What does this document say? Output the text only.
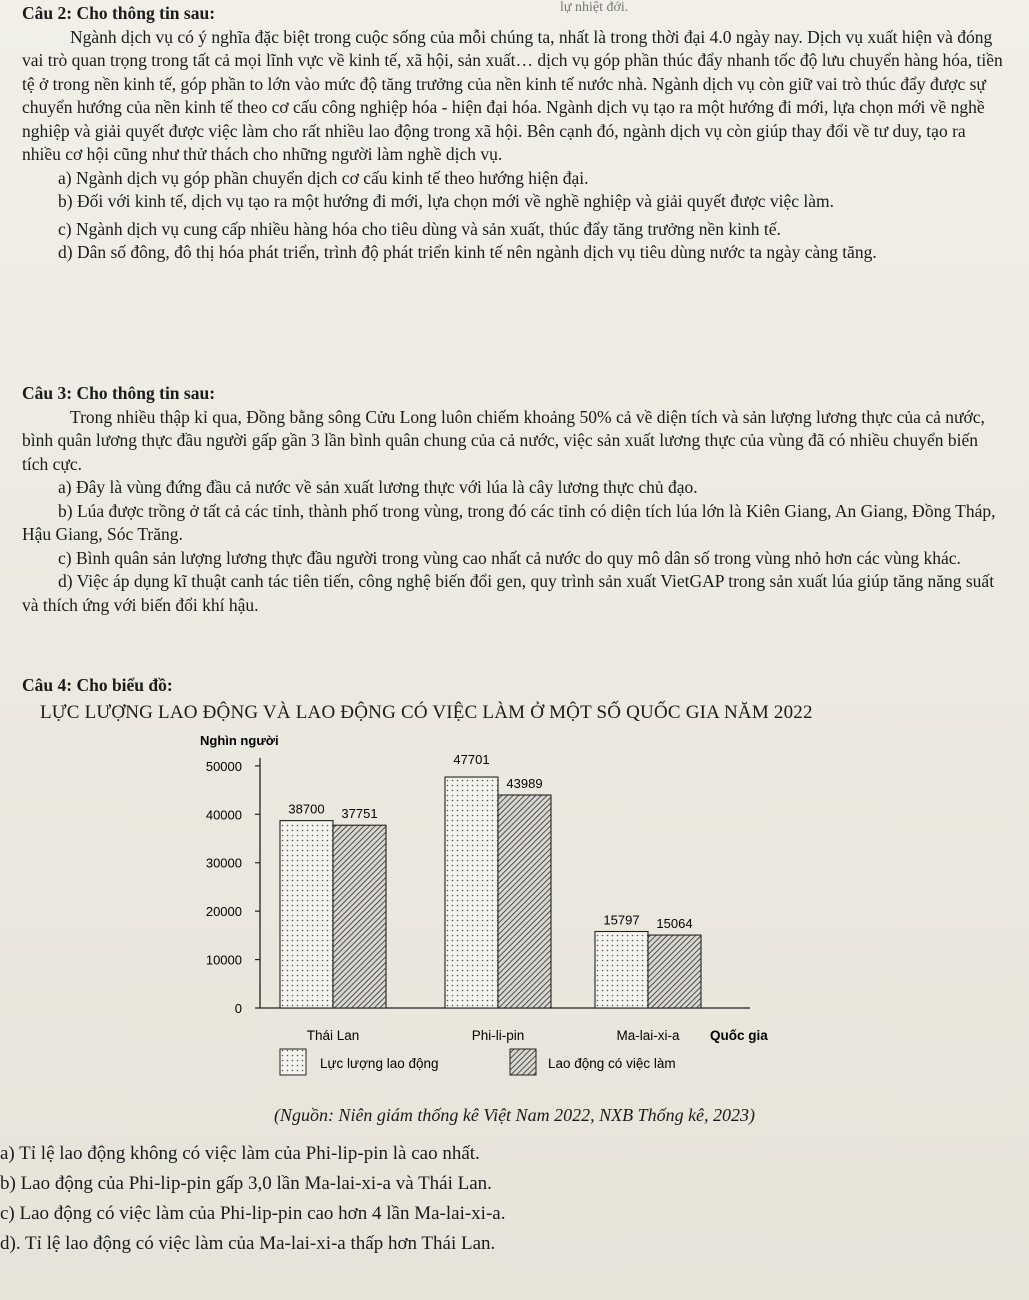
lự nhiệt đới.

Câu 2: Cho thông tin sau:

Ngành dịch vụ có ý nghĩa đặc biệt trong cuộc sống của mỗi chúng ta, nhất là trong thời đại 4.0 ngày nay. Dịch vụ xuất hiện và đóng vai trò quan trọng trong tất cả mọi lĩnh vực về kinh tế, xã hội, sản xuất… dịch vụ góp phần thúc đẩy nhanh tốc độ lưu chuyển hàng hóa, tiền tệ ở trong nền kinh tế, góp phần to lớn vào mức độ tăng trưởng của nền kinh tế nước nhà. Ngành dịch vụ còn giữ vai trò thúc đẩy được sự chuyển hướng của nền kinh tế theo cơ cấu công nghiệp hóa - hiện đại hóa. Ngành dịch vụ tạo ra một hướng đi mới, lựa chọn mới về nghề nghiệp và giải quyết được việc làm cho rất nhiều lao động trong xã hội. Bên cạnh đó, ngành dịch vụ còn giúp thay đổi về tư duy, tạo ra nhiều cơ hội cũng như thử thách cho những người làm nghề dịch vụ.

a) Ngành dịch vụ góp phần chuyển dịch cơ cấu kinh tế theo hướng hiện đại.

b) Đối với kinh tế, dịch vụ tạo ra một hướng đi mới, lựa chọn mới về nghề nghiệp và giải quyết được việc làm.

c) Ngành dịch vụ cung cấp nhiều hàng hóa cho tiêu dùng và sản xuất, thúc đẩy tăng trưởng nền kinh tế.

d) Dân số đông, đô thị hóa phát triển, trình độ phát triển kinh tế nên ngành dịch vụ tiêu dùng nước ta ngày càng tăng.

Câu 3: Cho thông tin sau:

Trong nhiều thập kỉ qua, Đồng bằng sông Cửu Long luôn chiếm khoảng 50% cả về diện tích và sản lượng lương thực của cả nước, bình quân lương thực đầu người gấp gần 3 lần bình quân chung của cả nước, việc sản xuất lương thực của vùng đã có nhiều chuyển biến tích cực.

a) Đây là vùng đứng đầu cả nước về sản xuất lương thực với lúa là cây lương thực chủ đạo.

b) Lúa được trồng ở tất cả các tỉnh, thành phố trong vùng, trong đó các tỉnh có diện tích lúa lớn là Kiên Giang, An Giang, Đồng Tháp, Hậu Giang, Sóc Trăng.

c) Bình quân sản lượng lương thực đầu người trong vùng cao nhất cả nước do quy mô dân số trong vùng nhỏ hơn các vùng khác.

d) Việc áp dụng kĩ thuật canh tác tiên tiến, công nghệ biến đổi gen, quy trình sản xuất VietGAP trong sản xuất lúa giúp tăng năng suất và thích ứng với biến đổi khí hậu.

Câu 4: Cho biểu đồ:

LỰC LƯỢNG LAO ĐỘNG VÀ LAO ĐỘNG CÓ VIỆC LÀM Ở MỘT SỐ QUỐC GIA NĂM 2022
Nghìn người
0
10000
20000
30000
40000
50000
Quốc gia
38700 37751
Thái Lan
47701
43989
Phi-li-pin
15797 15064
Ma-lai-xi-a
Lực lượng lao động	Lao động có việc làm
(Nguồn: Niên giám thống kê Việt Nam 2022, NXB Thống kê, 2023)

a) Tỉ lệ lao động không có việc làm của Phi-lip-pin là cao nhất.

b) Lao động của Phi-lip-pin gấp 3,0 lần Ma-lai-xi-a và Thái Lan.

c) Lao động có việc làm của Phi-lip-pin cao hơn 4 lần Ma-lai-xi-a.

d). Tỉ lệ lao động có việc làm của Ma-lai-xi-a thấp hơn Thái Lan.
